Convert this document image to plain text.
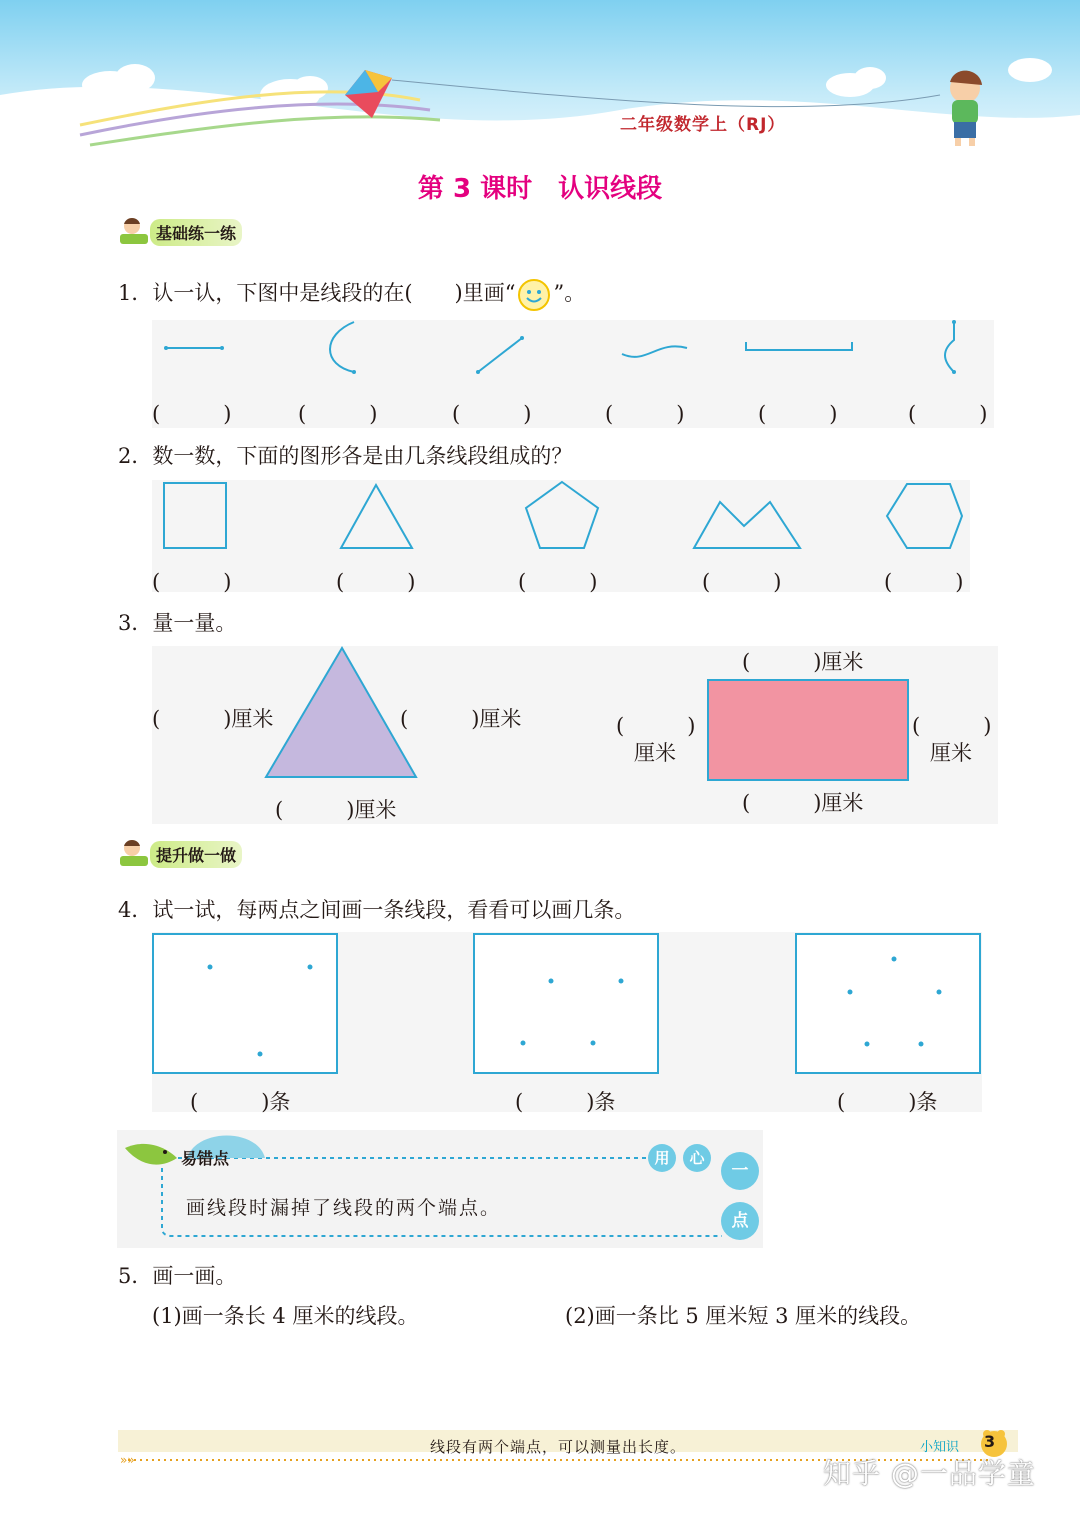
二年级数学上（RJ）
第 3 课时　认识线段
基础练一练
1．认一认，下图中是线段的在(　　)里画“ ”。
(　　　)	(　　　)	(　　　)	(　　　)	(　　　)	(　　　)
2．数一数，下面的图形各是由几条线段组成的？
(　　　)	(　　　)	(　　　)	(　　　)	(　　　)
3．量一量。
(　　　)厘米	(　　　)厘米
(　　　)厘米
(　　　)厘米
(　　　)厘米
(　　　)
厘米
(　　　)
厘米
提升做一做
4．试一试，每两点之间画一条线段，看看可以画几条。
(　　　)条	(　　　)条	(　　　)条
易错点
画线段时漏掉了线段的两个端点。
用	心
一
点
5．画一画。
(1)画一条长 4 厘米的线段。	(2)画一条比 5 厘米短 3 厘米的线段。
»»
线段有两个端点，可以测量出长度。	小知识 3
知乎 @一品学童
